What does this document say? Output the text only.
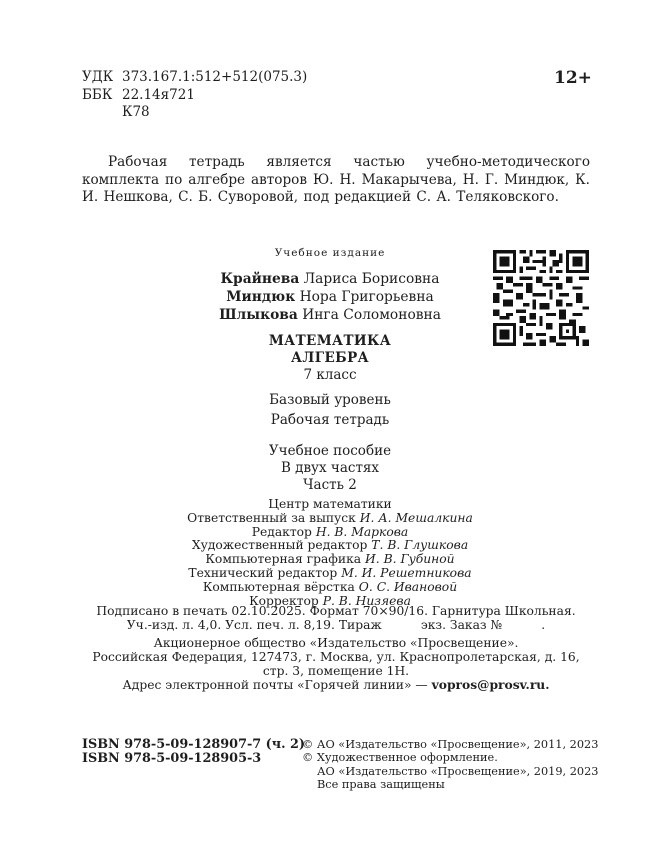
УДК 373.167.1:512+512(075.3)
ББК 22.14я721
К78
12+
Рабочая тетрадь является частью учебно-методического комплекта по алгебре авторов Ю. Н. Макарычева, Н. Г. Миндюк, К. И. Нешкова, С. Б. Суворовой, под редакцией С. А. Теляковского.
Учебное издание
Крайнева Лариса Борисовна
Миндюк Нора Григорьевна
Шлыкова Инга Соломоновна
МАТЕМАТИКА
АЛГЕБРА
7 класс
Базовый уровень
Рабочая тетрадь
Учебное пособие
В двух частях
Часть 2
Центр математики
Ответственный за выпуск И. А. Мешалкина
Редактор Н. В. Маркова
Художественный редактор Т. В. Глушкова
Компьютерная графика И. В. Губиной
Технический редактор М. И. Решетникова
Компьютерная вёрстка О. С. Ивановой
Корректор Р. В. Низяева
Подписано в печать 02.10.2025. Формат 70×90/16. Гарнитура Школьная.
Уч.-изд. л. 4,0. Усл. печ. л. 8,19. Тираж          экз. Заказ №          .
Акционерное общество «Издательство «Просвещение».
Российская Федерация, 127473, г. Москва, ул. Краснопролетарская, д. 16,
стр. 3, помещение 1Н.
Адрес электронной почты «Горячей линии» — vopros@prosv.ru.
ISBN 978-5-09-128907-7 (ч. 2)
ISBN 978-5-09-128905-3
© АО «Издательство «Просвещение», 2011, 2023
© Художественное оформление.
АО «Издательство «Просвещение», 2019, 2023
Все права защищены
